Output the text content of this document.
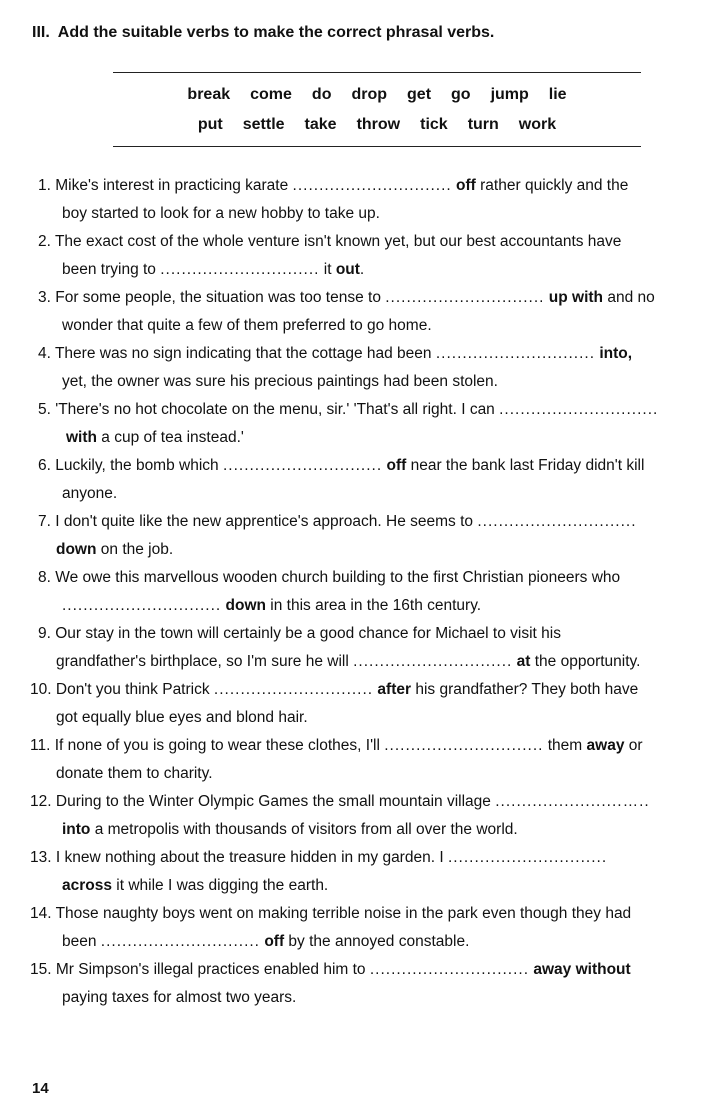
III. Add the suitable verbs to make the correct phrasal verbs.
break come do drop get go jump lie
put settle take throw tick turn work
1. Mike's interest in practicing karate .............................. off rather quickly and the
boy started to look for a new hobby to take up.
2. The exact cost of the whole venture isn't known yet, but our best accountants have
been trying to .............................. it out.
3. For some people, the situation was too tense to .............................. up with and no
wonder that quite a few of them preferred to go home.
4. There was no sign indicating that the cottage had been .............................. into,
yet, the owner was sure his precious paintings had been stolen.
5. 'There's no hot chocolate on the menu, sir.' 'That's all right. I can ..............................
with a cup of tea instead.'
6. Luckily, the bomb which .............................. off near the bank last Friday didn't kill
anyone.
7. I don't quite like the new apprentice's approach. He seems to ..............................
down on the job.
8. We owe this marvellous wooden church building to the first Christian pioneers who
.............................. down in this area in the 16th century.
9. Our stay in the town will certainly be a good chance for Michael to visit his
grandfather's birthplace, so I'm sure he will .............................. at the opportunity.
10. Don't you think Patrick .............................. after his grandfather? They both have
got equally blue eyes and blond hair.
11. If none of you is going to wear these clothes, I'll .............................. them away or
donate them to charity.
12. During to the Winter Olympic Games the small mountain village ........................…..
into a metropolis with thousands of visitors from all over the world.
13. I knew nothing about the treasure hidden in my garden. I ..............................
across it while I was digging the earth.
14. Those naughty boys went on making terrible noise in the park even though they had
been .............................. off by the annoyed constable.
15. Mr Simpson's illegal practices enabled him to .............................. away without
paying taxes for almost two years.
14
